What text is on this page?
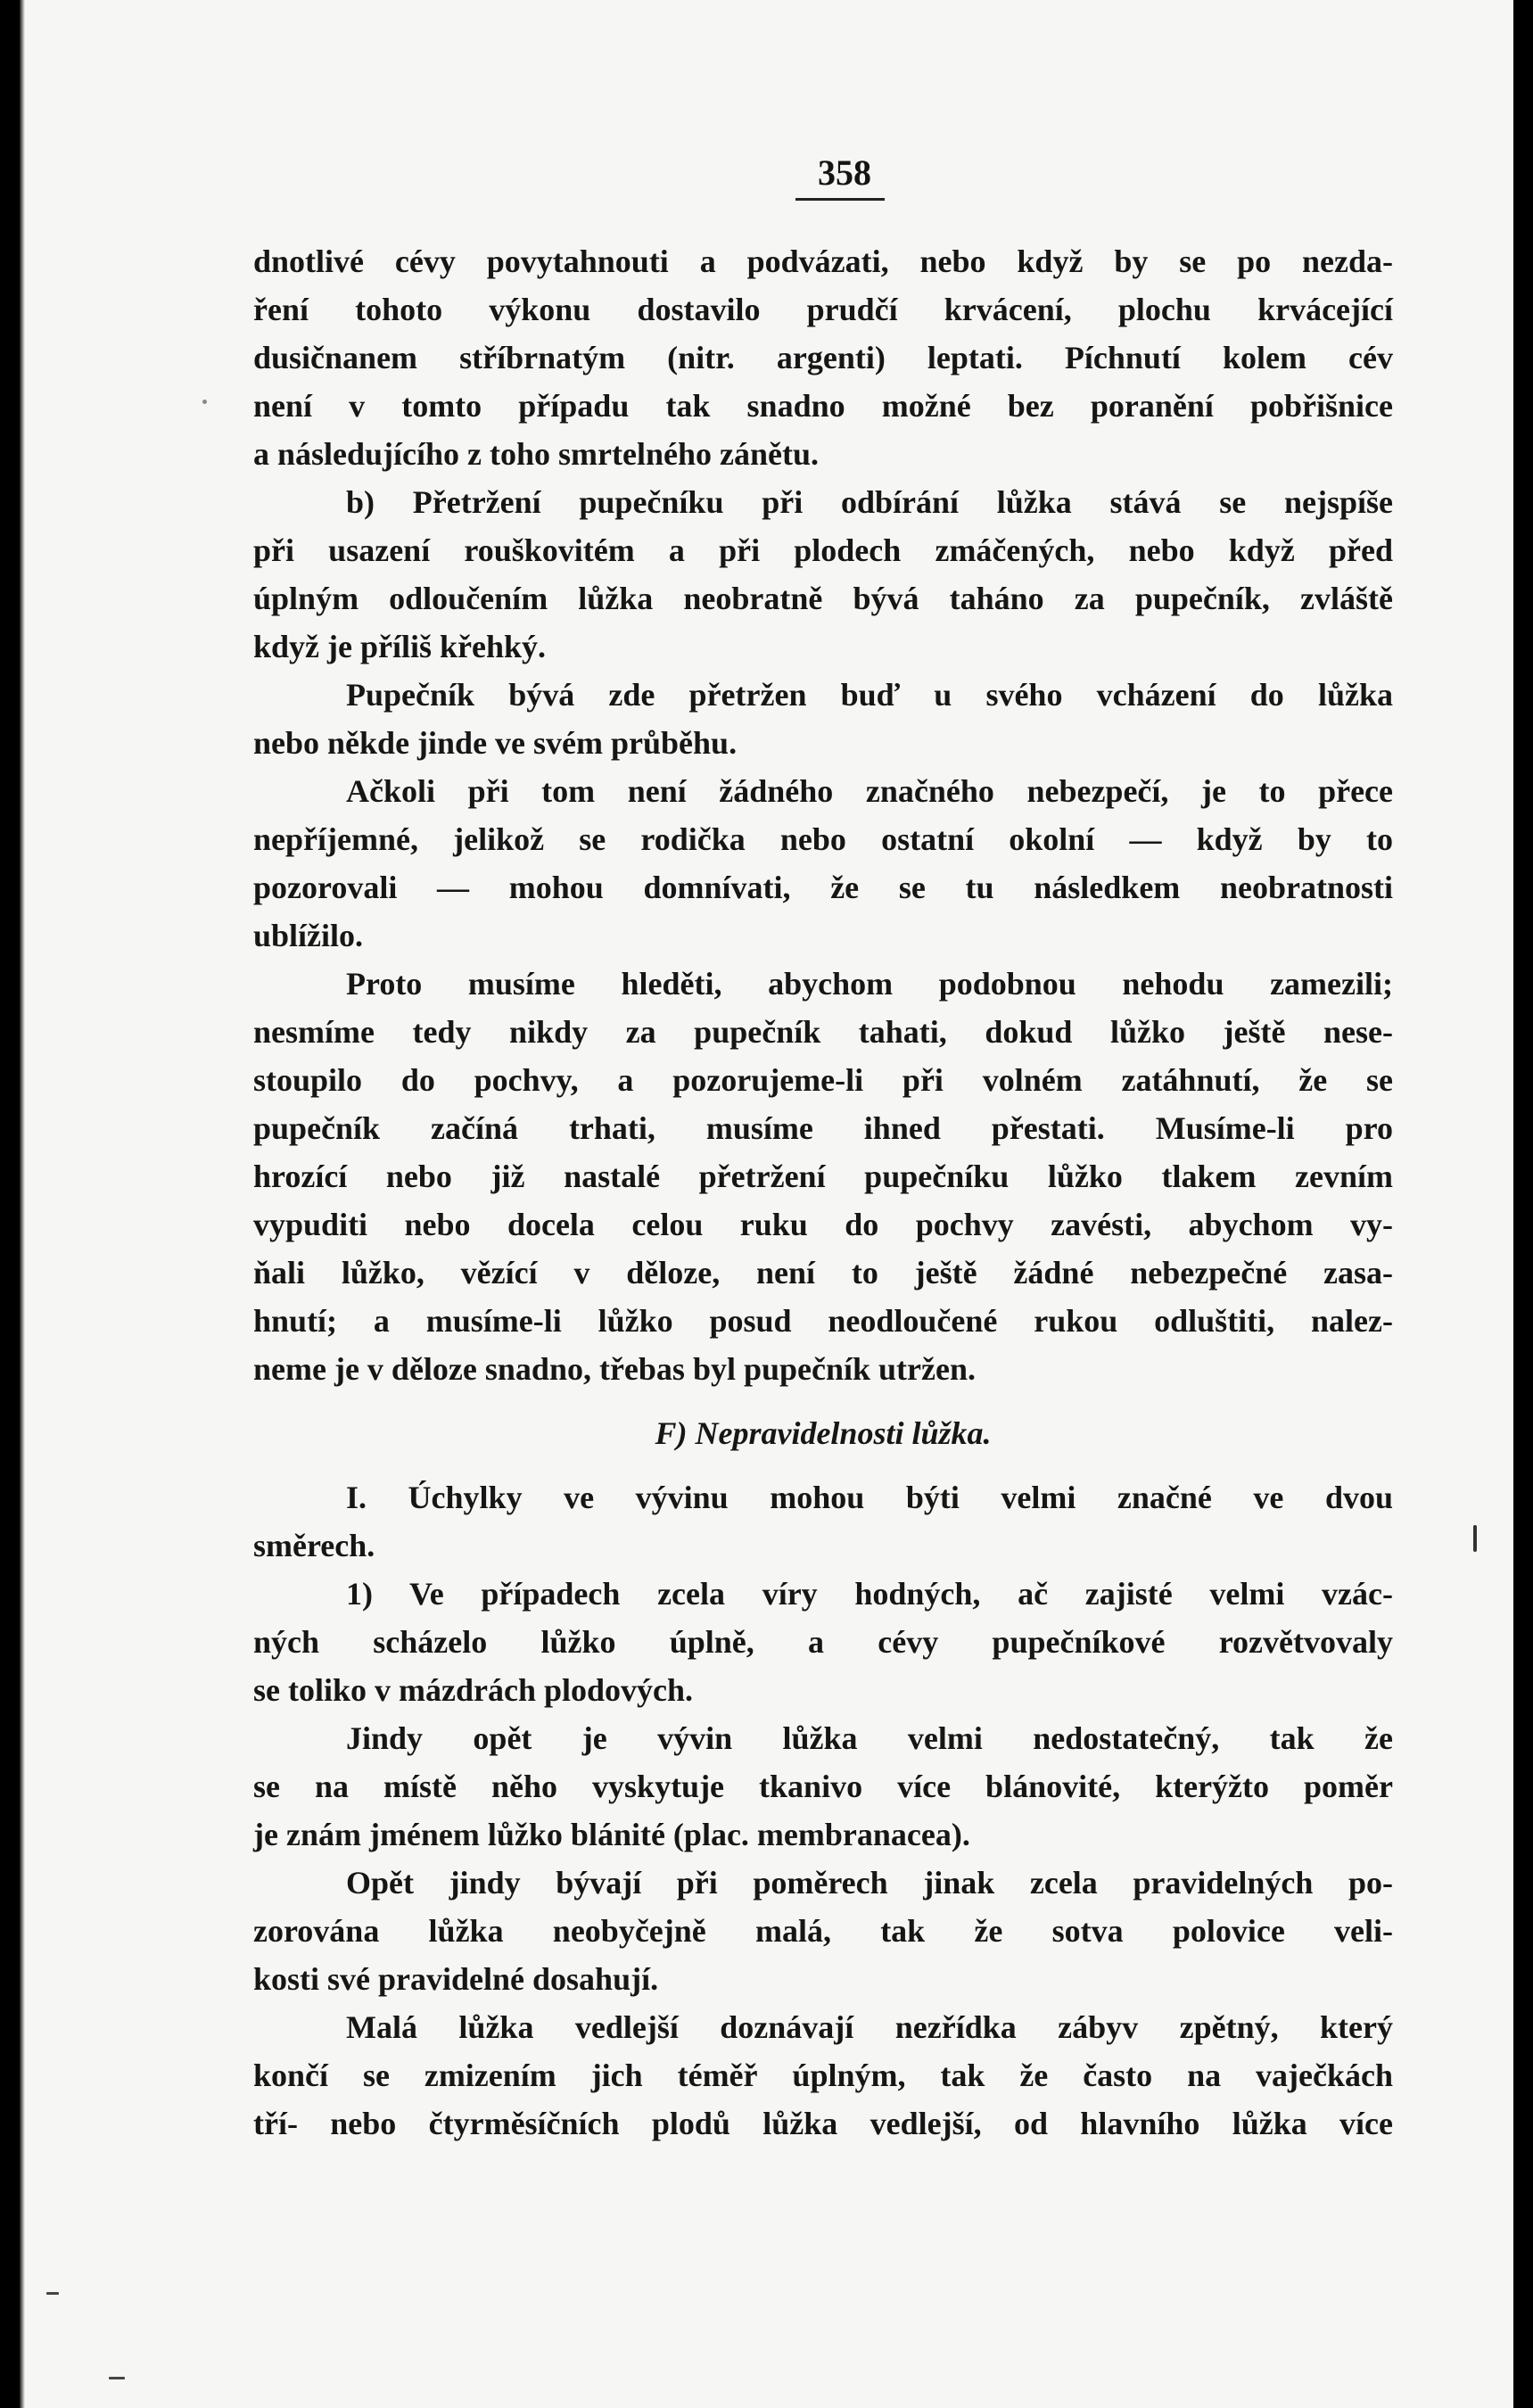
358
dnotlivé cévy povytahnouti a podvázati, nebo když by se po nezda-
ření tohoto výkonu dostavilo prudčí krvácení, plochu krvácející
dusičnanem stříbrnatým (nitr. argenti) leptati. Píchnutí kolem cév
není v tomto případu tak snadno možné bez poranění pobřišnice
a následujícího z toho smrtelného zánětu.
b) Přetržení pupečníku při odbírání lůžka stává se nejspíše
při usazení rouškovitém a při plodech zmáčených, nebo když před
úplným odloučením lůžka neobratně bývá taháno za pupečník, zvláště
když je příliš křehký.
Pupečník bývá zde přetržen buď u svého vcházení do lůžka
nebo někde jinde ve svém průběhu.
Ačkoli při tom není žádného značného nebezpečí, je to přece
nepříjemné, jelikož se rodička nebo ostatní okolní — když by to
pozorovali — mohou domnívati, že se tu následkem neobratnosti
ublížilo.
Proto musíme hleděti, abychom podobnou nehodu zamezili;
nesmíme tedy nikdy za pupečník tahati, dokud lůžko ještě nese-
stoupilo do pochvy, a pozorujeme-li při volném zatáhnutí, že se
pupečník začíná trhati, musíme ihned přestati. Musíme-li pro
hrozící nebo již nastalé přetržení pupečníku lůžko tlakem zevním
vypuditi nebo docela celou ruku do pochvy zavésti, abychom vy-
ňali lůžko, vězící v děloze, není to ještě žádné nebezpečné zasa-
hnutí; a musíme-li lůžko posud neodloučené rukou odluštiti, nalez-
neme je v děloze snadno, třebas byl pupečník utržen.
F) Nepravidelnosti lůžka.
I. Úchylky ve vývinu mohou býti velmi značné ve dvou
směrech.
1) Ve případech zcela víry hodných, ač zajisté velmi vzác-
ných scházelo lůžko úplně, a cévy pupečníkové rozvětvovaly
se toliko v mázdrách plodových.
Jindy opět je vývin lůžka velmi nedostatečný, tak že
se na místě něho vyskytuje tkanivo více blánovité, kterýžto poměr
je znám jménem lůžko blánité (plac. membranacea).
Opět jindy bývají při poměrech jinak zcela pravidelných po-
zorována lůžka neobyčejně malá, tak že sotva polovice veli-
kosti své pravidelné dosahují.
Malá lůžka vedlejší doznávají nezřídka zábyv zpětný, který
končí se zmizením jich téměř úplným, tak že často na vaječkách
tří- nebo čtyrměsíčních plodů lůžka vedlejší, od hlavního lůžka více
